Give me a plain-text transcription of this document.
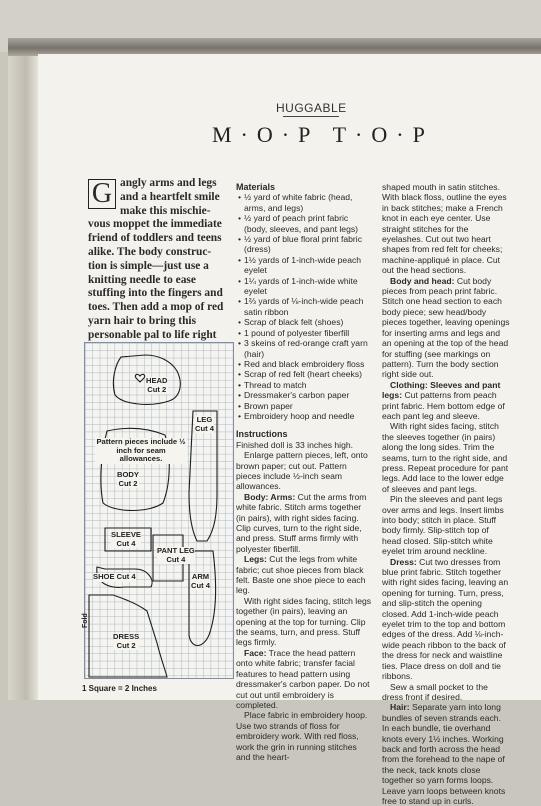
HUGGABLE
M·O·P T·O·P
G angly arms and legs
and a heartfelt smile
make this mischie-
vous moppet the immediate friend of toddlers and teens alike. The body construc-tion is simple—just use a knitting needle to ease stuffing into the fingers and toes. Then add a mop of red yarn hair to bring this personable pal to life right
HEAD
Cut 2
LEG
Cut 4
Pattern pieces include ½ inch for seam allowances.
BODY
Cut 2
SLEEVE
Cut 4
PANT LEG
Cut 4
SHOE Cut 4	ARM
Cut 4
DRESS
Cut 2
Fold
1 Square = 2 Inches
Materials
• ½ yard of white fabric (head, arms, and legs)
• ½ yard of peach print fabric (body, sleeves, and pant legs)
• ½ yard of blue floral print fabric (dress)
• 1½ yards of 1-inch-wide peach eyelet
• 1¼ yards of 1-inch-wide white eyelet
• 1⅔ yards of ⅛-inch-wide peach satin ribbon
• Scrap of black felt (shoes)
• 1 pound of polyester fiberfill
• 3 skeins of red-orange craft yarn (hair)
• Red and black embroidery floss
• Scrap of red felt (heart cheeks)
• Thread to match
• Dressmaker's carbon paper
• Brown paper
• Embroidery hoop and needle
Instructions

Finished doll is 33 inches high.

Enlarge pattern pieces, left, onto brown paper; cut out. Pattern pieces include ½-inch seam allowances.

Body: Arms: Cut the arms from white fabric. Stitch arms together (in pairs), with right sides facing. Clip curves, turn to the right side, and press. Stuff arms firmly with polyester fiberfill.

Legs: Cut the legs from white fabric; cut shoe pieces from black felt. Baste one shoe piece to each leg.

With right sides facing, stitch legs together (in pairs), leaving an opening at the top for turning. Clip the seams, turn, and press. Stuff legs firmly.

Face: Trace the head pattern onto white fabric; transfer facial features to head pattern using dressmaker's carbon paper. Do not cut out until embroidery is completed.

Place fabric in embroidery hoop. Use two strands of floss for embroidery work. With red floss, work the grin in running stitches and the heart-

shaped mouth in satin stitches. With black floss, outline the eyes in back stitches; make a French knot in each eye center. Use straight stitches for the eyelashes. Cut out two heart shapes from red felt for cheeks; machine-appliqué in place. Cut out the head sections.

Body and head: Cut body pieces from peach print fabric. Stitch one head section to each body piece; sew head/body pieces together, leaving openings for inserting arms and legs and an opening at the top of the head for stuffing (see markings on pattern). Turn the body section right side out.

Clothing: Sleeves and pant legs: Cut patterns from peach print fabric. Hem bottom edge of each pant leg and sleeve.

With right sides facing, stitch the sleeves together (in pairs) along the long sides. Trim the seams, turn to the right side, and press. Repeat procedure for pant legs. Add lace to the lower edge of sleeves and pant legs.

Pin the sleeves and pant legs over arms and legs. Insert limbs into body; stitch in place. Stuff body firmly. Slip-stitch top of head closed. Slip-stitch white eyelet trim around neckline.

Dress: Cut two dresses from blue print fabric. Stitch together with right sides facing, leaving an opening for turning. Turn, press, and slip-stitch the opening closed. Add 1-inch-wide peach eyelet trim to the top and bottom edges of the dress. Add ⅛-inch-wide peach ribbon to the back of the dress for neck and waistline ties. Place dress on doll and tie ribbons.

Sew a small pocket to the dress front if desired.

Hair: Separate yarn into long bundles of seven strands each. In each bundle, tie overhand knots every 1½ inches. Working back and forth across the head from the forehead to the nape of the neck, tack knots close together so yarn forms loops. Leave yarn loops between knots free to stand up in curls.
